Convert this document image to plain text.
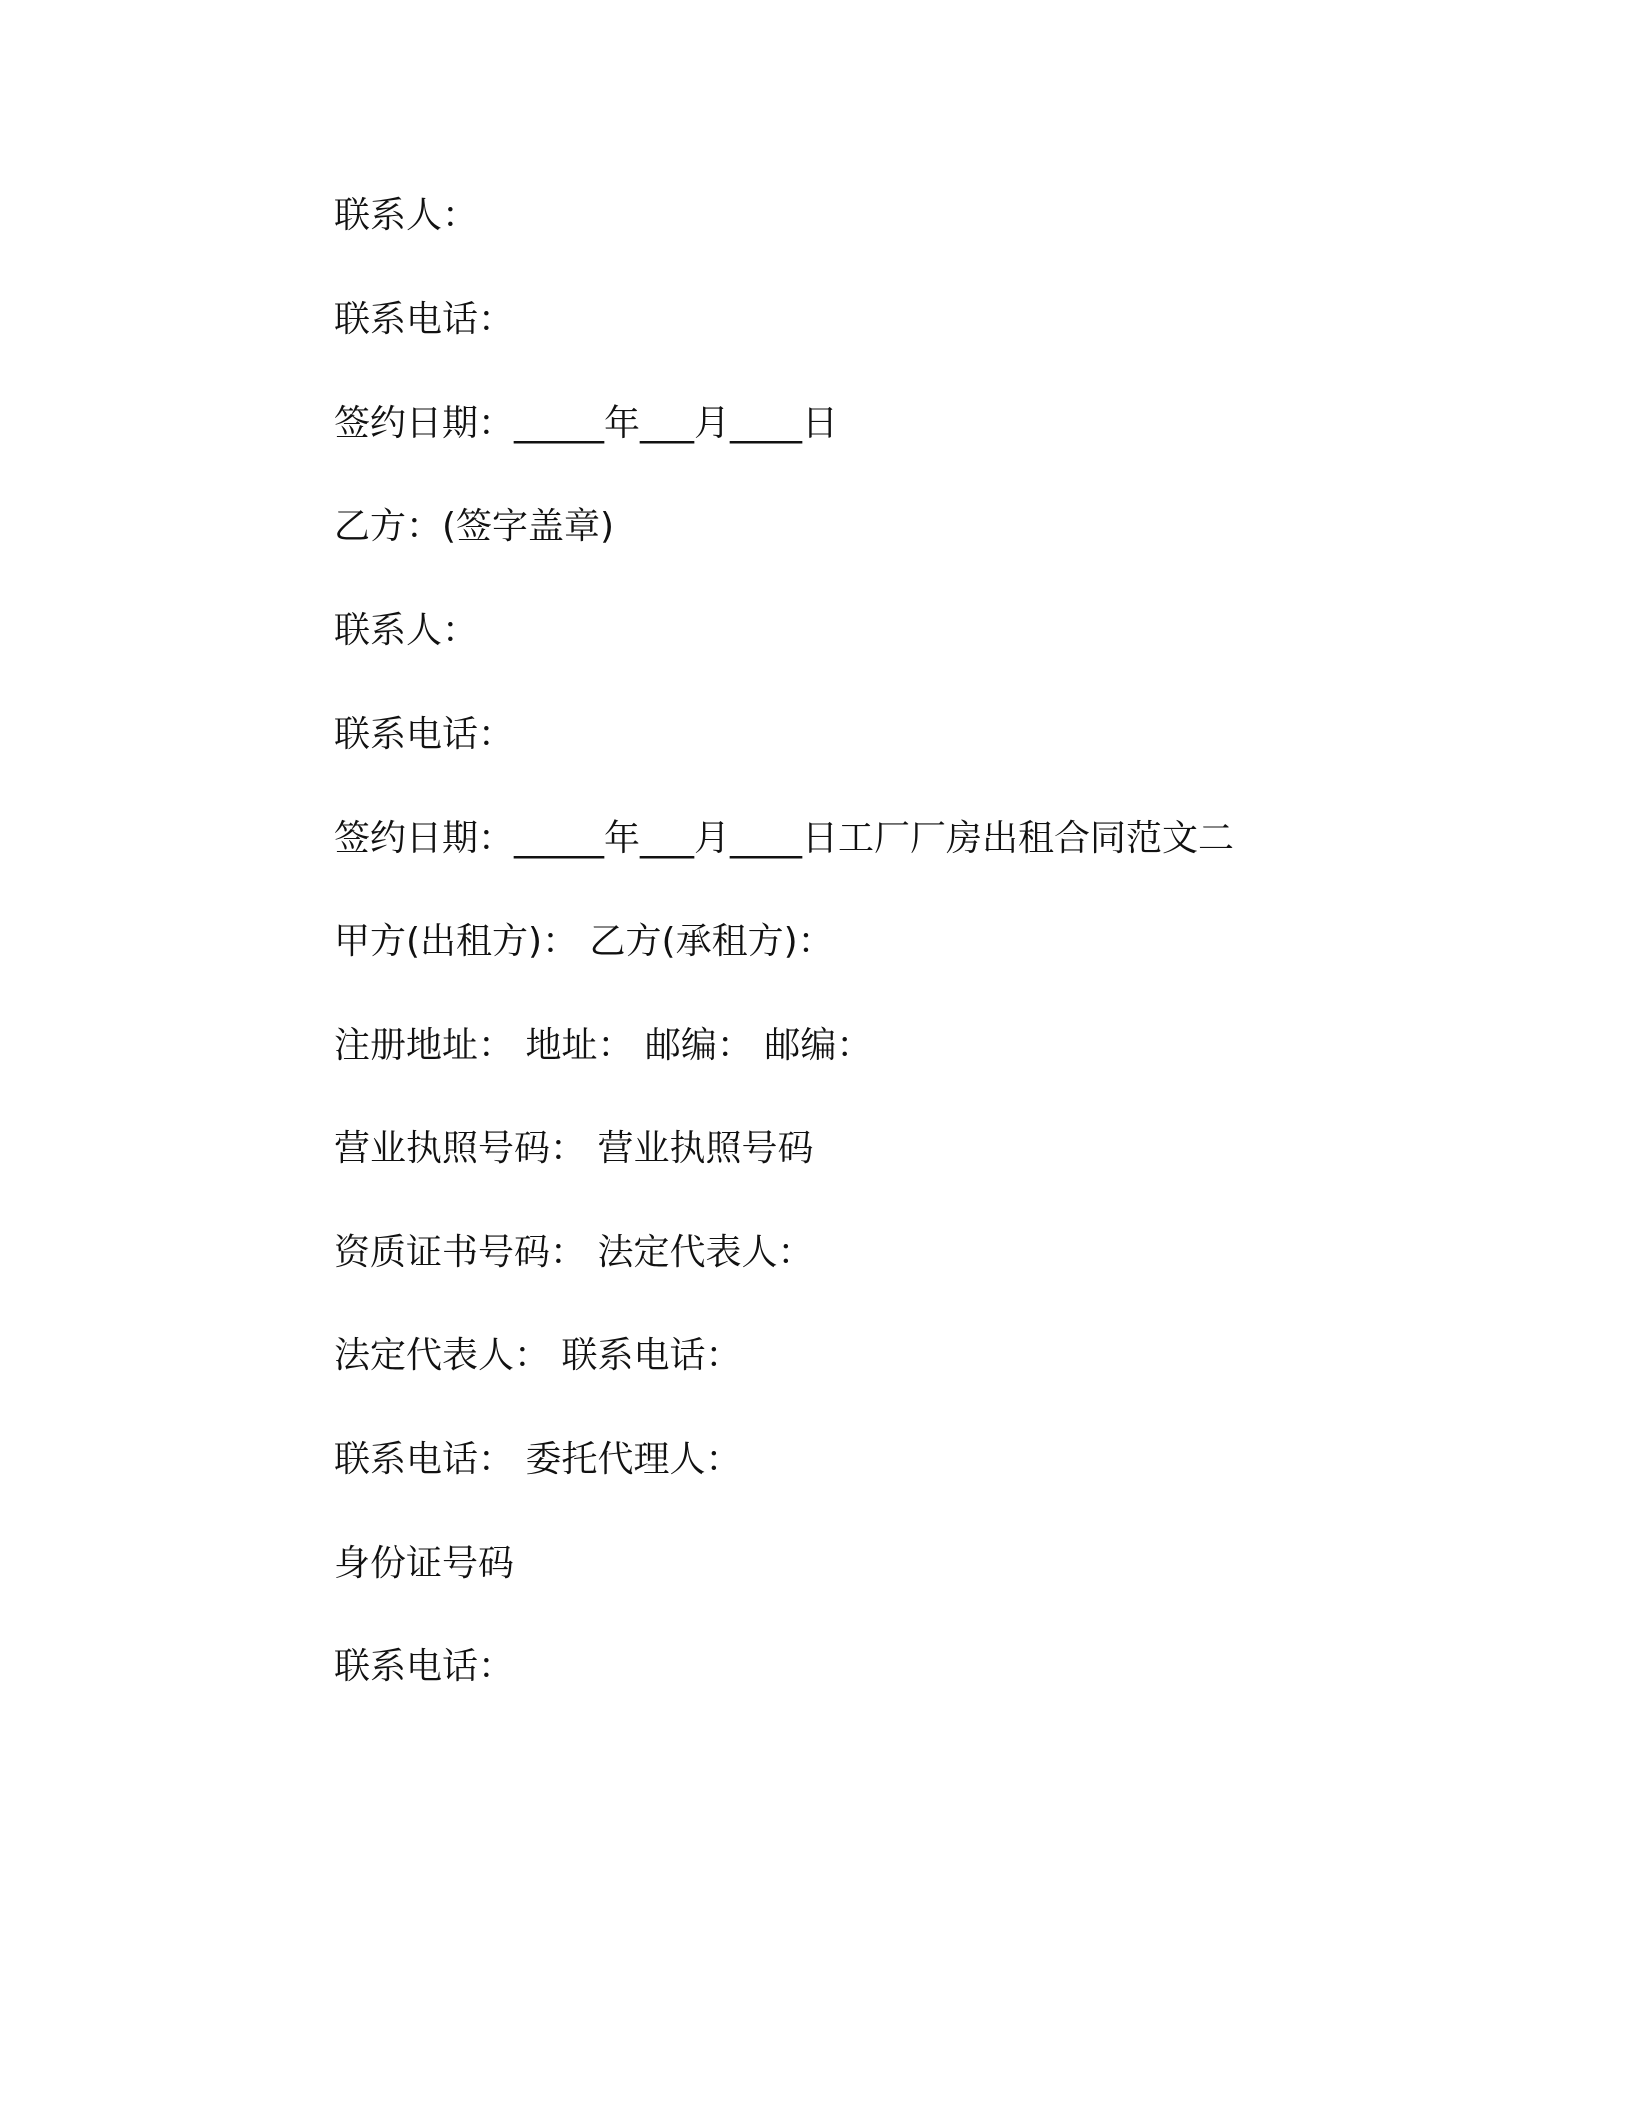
联系人：
联系电话：
签约日期：_____年___月____日
乙方：(签字盖章)
联系人：
联系电话：
签约日期：_____年___月____日工厂厂房出租合同范文二
甲方(出租方)： 乙方(承租方)：
注册地址： 地址： 邮编： 邮编：
营业执照号码： 营业执照号码
资质证书号码： 法定代表人：
法定代表人： 联系电话：
联系电话： 委托代理人：
身份证号码
联系电话：
